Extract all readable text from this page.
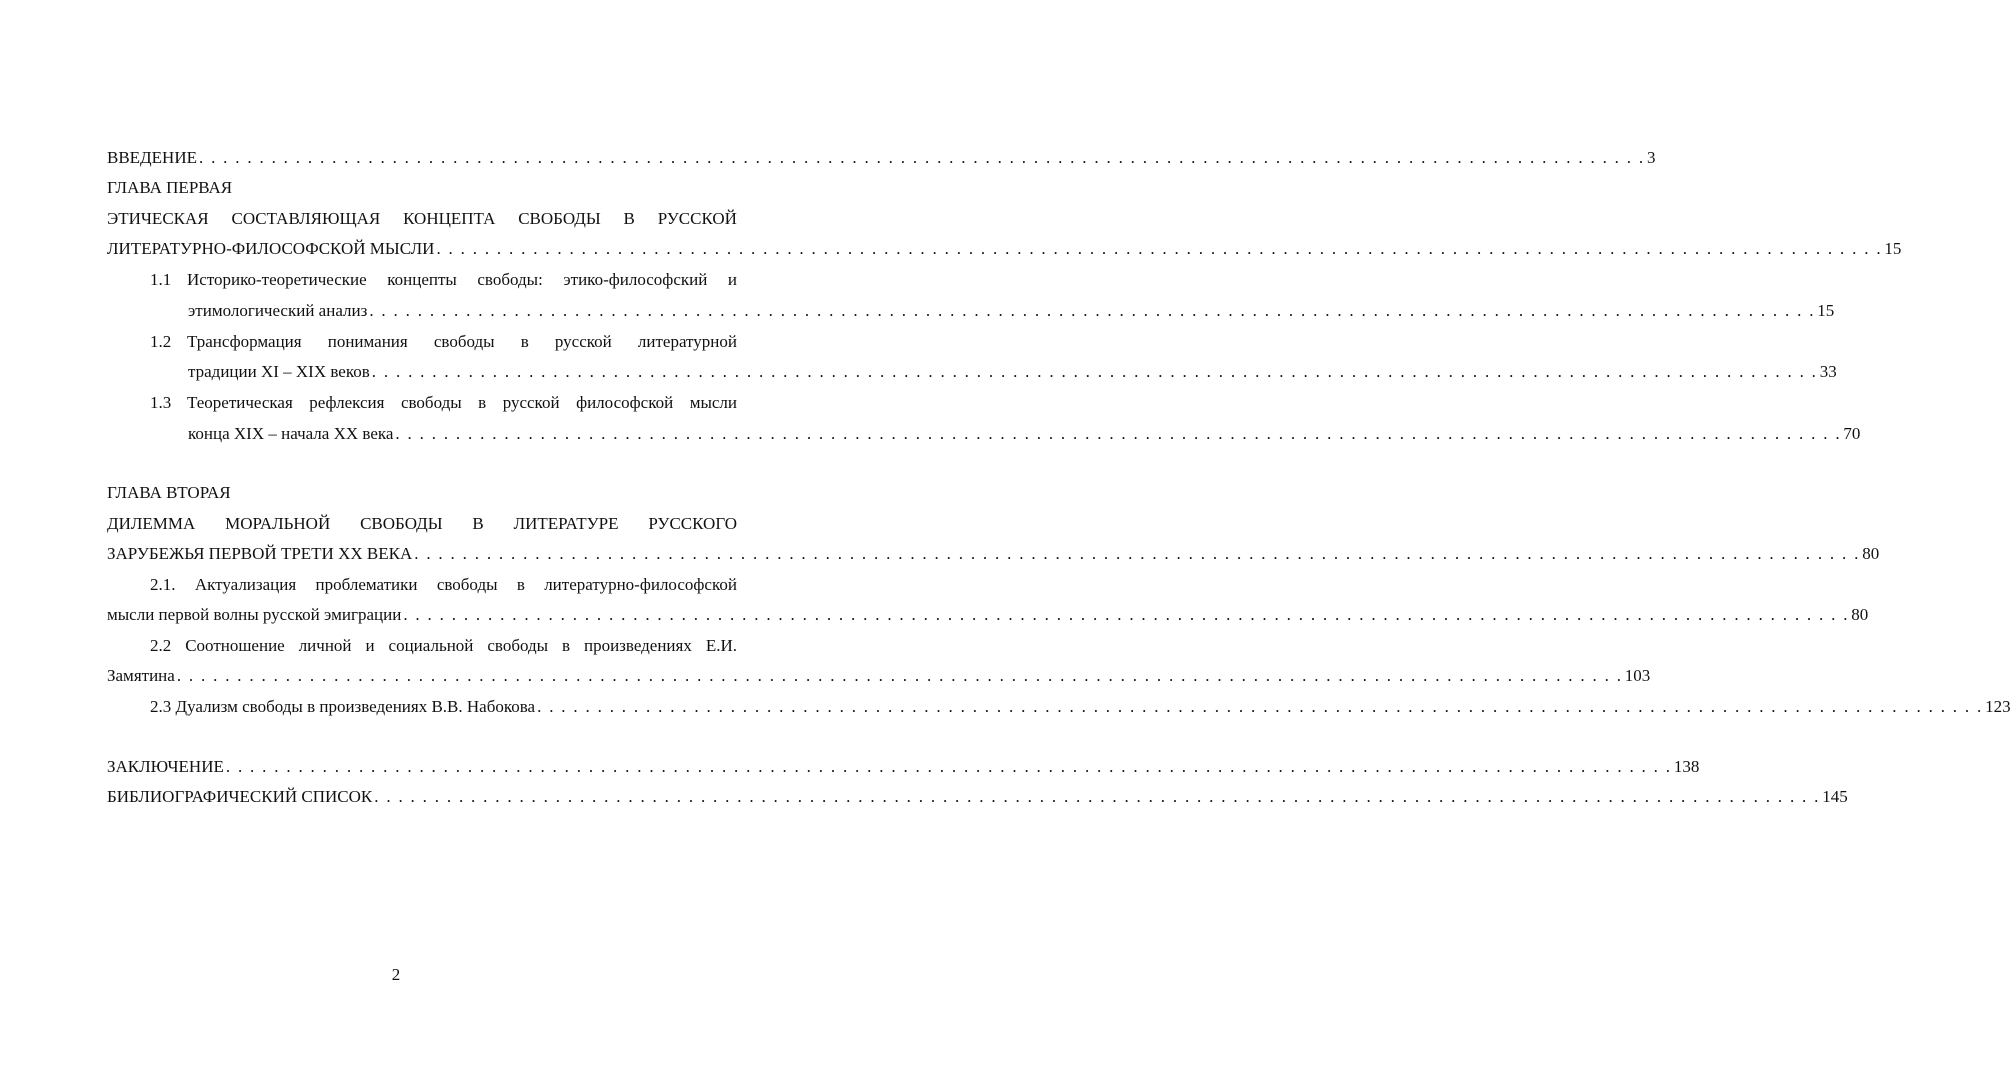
ВВЕДЕНИЕ . . . . . . . . . . . . . . . . . . . . . . . . . . . . . . . . . . . . . . . . . . . . . . . . . . . . . . . . . . . . . . . . . . . . . . . . . . . . . . . . . . . . . . . . . . . . . . . . . . . . . . . . . . . . . . . . . . . . . . . . 3
ГЛАВА ПЕРВАЯ
ЭТИЧЕСКАЯ СОСТАВЛЯЮЩАЯ КОНЦЕПТА СВОБОДЫ В РУССКОЙ
ЛИТЕРАТУРНО-ФИЛОСОФСКОЙ МЫСЛИ . . . . . . . . . . . . . . . . . . . . . . . . . . . . . . . . . . . . . . . . . . . . . . . . . . . . . . . . . . . . . . . . . . . . . . . . . . . . . . . . . . . . . . . . . . . . . . . . . . . . . . . . . . . . . . . . . . . . . . . . 15
1.1 Историко-теоретические концепты свободы: этико-философский и
этимологический анализ . . . . . . . . . . . . . . . . . . . . . . . . . . . . . . . . . . . . . . . . . . . . . . . . . . . . . . . . . . . . . . . . . . . . . . . . . . . . . . . . . . . . . . . . . . . . . . . . . . . . . . . . . . . . . . . . . . . . . . . . 15
1.2 Трансформация понимания свободы в русской литературной
традиции XI – XIX веков . . . . . . . . . . . . . . . . . . . . . . . . . . . . . . . . . . . . . . . . . . . . . . . . . . . . . . . . . . . . . . . . . . . . . . . . . . . . . . . . . . . . . . . . . . . . . . . . . . . . . . . . . . . . . . . . . . . . . . . . 33
1.3 Теоретическая рефлексия свободы в русской философской мысли
конца XIX – начала XX века . . . . . . . . . . . . . . . . . . . . . . . . . . . . . . . . . . . . . . . . . . . . . . . . . . . . . . . . . . . . . . . . . . . . . . . . . . . . . . . . . . . . . . . . . . . . . . . . . . . . . . . . . . . . . . . . . . . . . . . . 70
ГЛАВА ВТОРАЯ
ДИЛЕММА МОРАЛЬНОЙ СВОБОДЫ В ЛИТЕРАТУРЕ РУССКОГО
ЗАРУБЕЖЬЯ ПЕРВОЙ ТРЕТИ XX ВЕКА . . . . . . . . . . . . . . . . . . . . . . . . . . . . . . . . . . . . . . . . . . . . . . . . . . . . . . . . . . . . . . . . . . . . . . . . . . . . . . . . . . . . . . . . . . . . . . . . . . . . . . . . . . . . . . . . . . . . . . . . 80
2.1. Актуализация проблематики свободы в литературно-философской
мысли первой волны русской эмиграции . . . . . . . . . . . . . . . . . . . . . . . . . . . . . . . . . . . . . . . . . . . . . . . . . . . . . . . . . . . . . . . . . . . . . . . . . . . . . . . . . . . . . . . . . . . . . . . . . . . . . . . . . . . . . . . . . . . . . . . . 80
2.2 Соотношение личной и социальной свободы в произведениях Е.И.
Замятина . . . . . . . . . . . . . . . . . . . . . . . . . . . . . . . . . . . . . . . . . . . . . . . . . . . . . . . . . . . . . . . . . . . . . . . . . . . . . . . . . . . . . . . . . . . . . . . . . . . . . . . . . . . . . . . . . . . . . . . . 103
2.3 Дуализм свободы в произведениях В.В. Набокова . . . . . . . . . . . . . . . . . . . . . . . . . . . . . . . . . . . . . . . . . . . . . . . . . . . . . . . . . . . . . . . . . . . . . . . . . . . . . . . . . . . . . . . . . . . . . . . . . . . . . . . . . . . . . . . . . . . . . . . . 123
ЗАКЛЮЧЕНИЕ . . . . . . . . . . . . . . . . . . . . . . . . . . . . . . . . . . . . . . . . . . . . . . . . . . . . . . . . . . . . . . . . . . . . . . . . . . . . . . . . . . . . . . . . . . . . . . . . . . . . . . . . . . . . . . . . . . . . . . . . 138
БИБЛИОГРАФИЧЕСКИЙ СПИСОК . . . . . . . . . . . . . . . . . . . . . . . . . . . . . . . . . . . . . . . . . . . . . . . . . . . . . . . . . . . . . . . . . . . . . . . . . . . . . . . . . . . . . . . . . . . . . . . . . . . . . . . . . . . . . . . . . . . . . . . . 145
2
